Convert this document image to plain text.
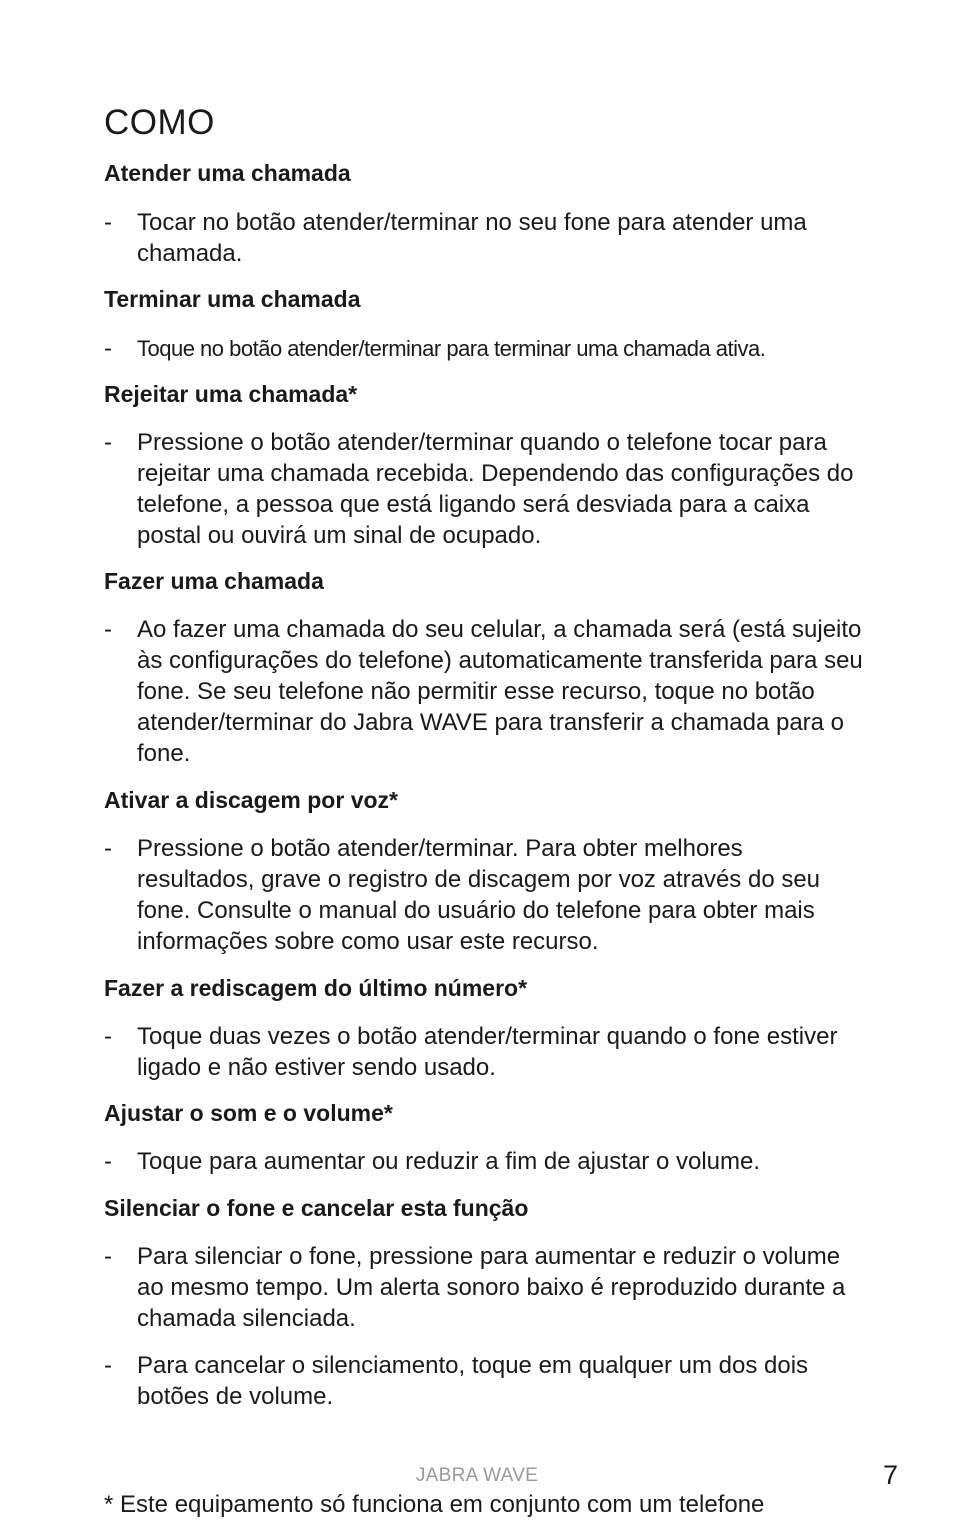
COMO
Atender uma chamada

- Tocar no botão atender/terminar no seu fone para atender uma chamada.

Terminar uma chamada

- Toque no botão atender/terminar para terminar uma chamada ativa.

Rejeitar uma chamada*

- Pressione o botão atender/terminar quando o telefone tocar para rejeitar uma chamada recebida. Dependendo das configurações do telefone, a pessoa que está ligando será desviada para a caixa postal ou ouvirá um sinal de ocupado.

Fazer uma chamada

- Ao fazer uma chamada do seu celular, a chamada será (está sujeito às configurações do telefone) automaticamente transferida para seu fone. Se seu telefone não permitir esse recurso, toque no botão atender/terminar do Jabra WAVE para transferir a chamada para o fone.

Ativar a discagem por voz*

- Pressione o botão atender/terminar. Para obter melhores resultados, grave o registro de discagem por voz através do seu fone. Consulte o manual do usuário do telefone para obter mais informações sobre como usar este recurso.

Fazer a rediscagem do último número*

- Toque duas vezes o botão atender/terminar quando o fone estiver ligado e não estiver sendo usado.

Ajustar o som e o volume*

- Toque para aumentar ou reduzir a fim de ajustar o volume.

Silenciar o fone e cancelar esta função

- Para silenciar o fone, pressione para aumentar e reduzir o volume ao mesmo tempo. Um alerta sonoro baixo é reproduzido durante a chamada silenciada.

- Para cancelar o silenciamento, toque em qualquer um dos dois botões de volume.

JABRA WAVE	7
* Este equipamento só funciona em conjunto com um telefone
